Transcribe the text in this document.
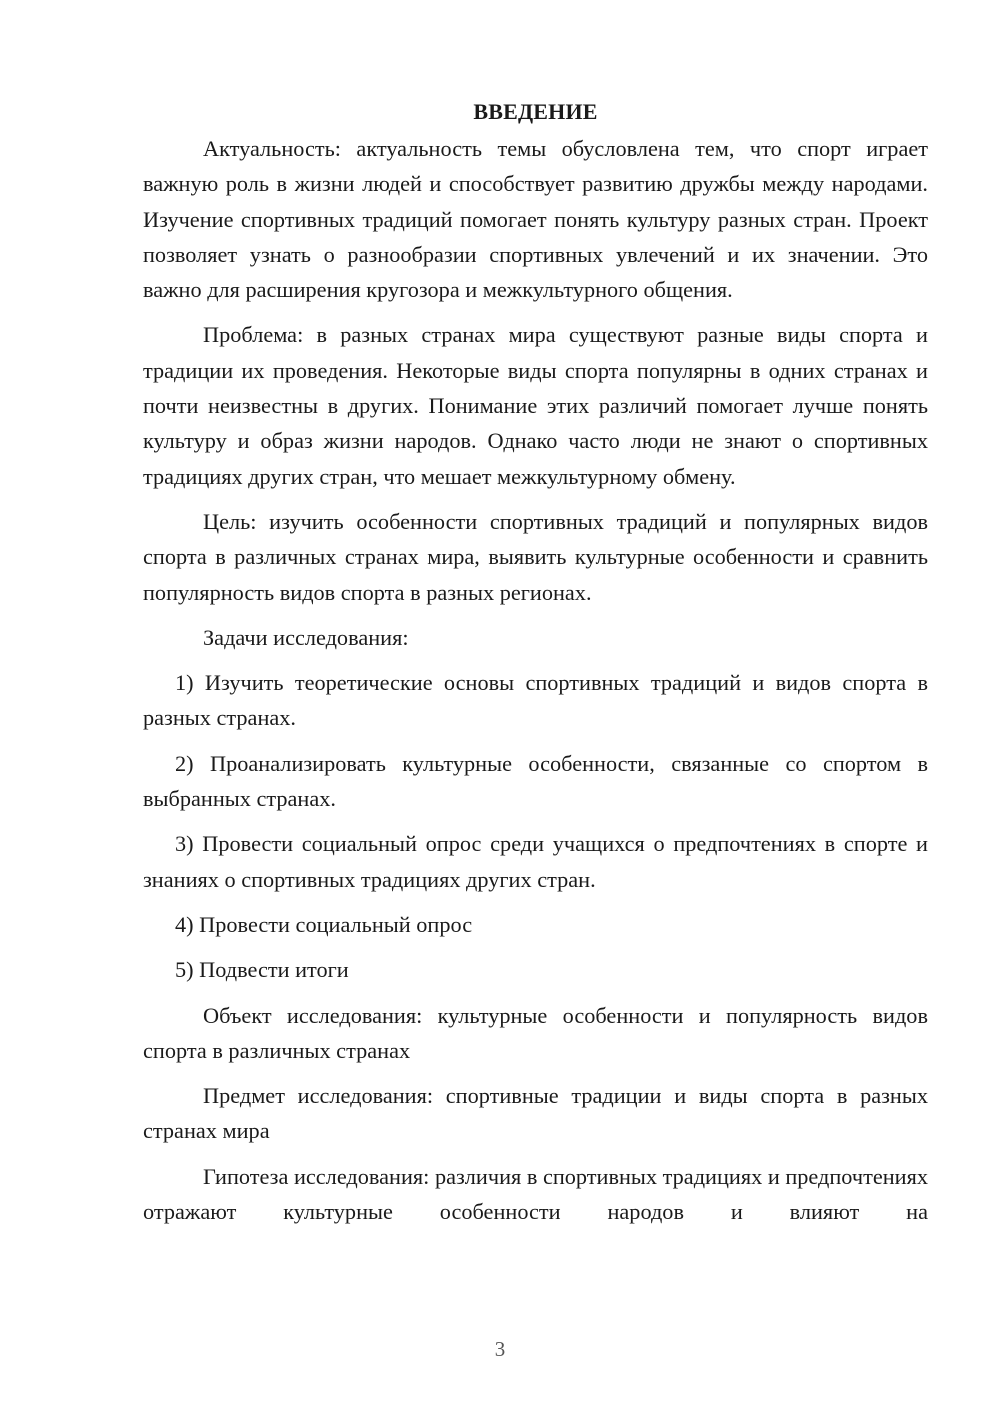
ВВЕДЕНИЕ

Актуальность: актуальность темы обусловлена тем, что спорт играет важную роль в жизни людей и способствует развитию дружбы между народами. Изучение спортивных традиций помогает понять культуру разных стран. Проект позволяет узнать о разнообразии спортивных увлечений и их значении. Это важно для расширения кругозора и межкультурного общения.

Проблема: в разных странах мира существуют разные виды спорта и традиции их проведения. Некоторые виды спорта популярны в одних странах и почти неизвестны в других. Понимание этих различий помогает лучше понять культуру и образ жизни народов. Однако часто люди не знают о спортивных традициях других стран, что мешает межкультурному обмену.

Цель: изучить особенности спортивных традиций и популярных видов спорта в различных странах мира, выявить культурные особенности и сравнить популярность видов спорта в разных регионах.

Задачи исследования:

1) Изучить теоретические основы спортивных традиций и видов спорта в разных странах.

2) Проанализировать культурные особенности, связанные со спортом в выбранных странах.

3) Провести социальный опрос среди учащихся о предпочтениях в спорте и знаниях о спортивных традициях других стран.

4) Провести социальный опрос

5) Подвести итоги

Объект исследования: культурные особенности и популярность видов спорта в различных странах

Предмет исследования: спортивные традиции и виды спорта в разных странах мира

Гипотеза исследования: различия в спортивных традициях и предпочтениях отражают культурные особенности народов и влияют на

3
